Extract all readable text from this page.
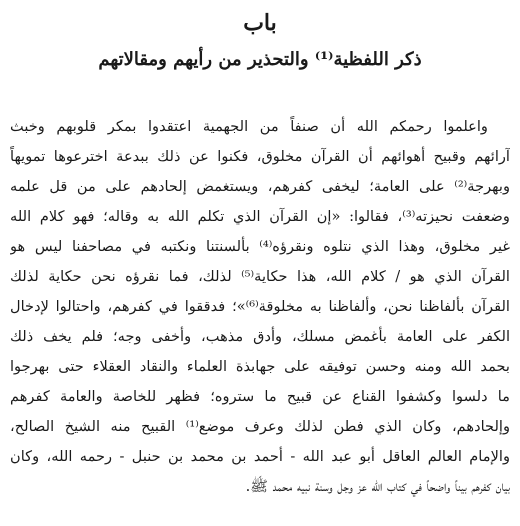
باب
ذكر اللفظية⁽¹⁾ والتحذير من رأيهم ومقالاتهم
واعلموا رحمكم الله أن صنفاً من الجهمية اعتقدوا بمكر قلوبهم وخبث
آرائهم وقبيح أهوائهم أن القرآن مخلوق، فكنوا عن ذلك ببدعة اخترعوها تمويهاً
وبهرجة⁽²⁾ على العامة؛ ليخفى كفرهم، ويستغمض إلحادهم على من قل علمه
وضعفت نحيزته⁽³⁾، فقالوا: «إن القرآن الذي تكلم الله به وقاله؛ فهو كلام الله
غير مخلوق، وهذا الذي نتلوه ونقرؤه⁽⁴⁾ بألسنتنا ونكتبه في مصاحفنا ليس هو
القرآن الذي هو / كلام الله، هذا حكاية⁽⁵⁾ لذلك، فما نقرؤه نحن حكاية لذلك
القرآن بألفاظنا نحن، وألفاظنا به مخلوقة⁽⁶⁾»؛ فدققوا في كفرهم، واحتالوا لإدخال
الكفر على العامة بأغمض مسلك، وأدق مذهب، وأخفى وجه؛ فلم يخف ذلك
بحمد الله ومنه وحسن توفيقه على جهابذة العلماء والنقاد العقلاء حتى بهرجوا
ما دلسوا وكشفوا القناع عن قبيح ما ستروه؛ فظهر للخاصة والعامة كفرهم
وإلحادهم، وكان الذي فطن لذلك وعرف موضع⁽¹⁾ القبيح منه الشيخ الصالح،
والإمام العالم العاقل أبو عبد الله - أحمد بن محمد بن حنبل - رحمه الله، وكان
بيان كفرهم بيناً واضحاً في كتاب الله عز وجل وسنة نبيه محمد ﷺ.
